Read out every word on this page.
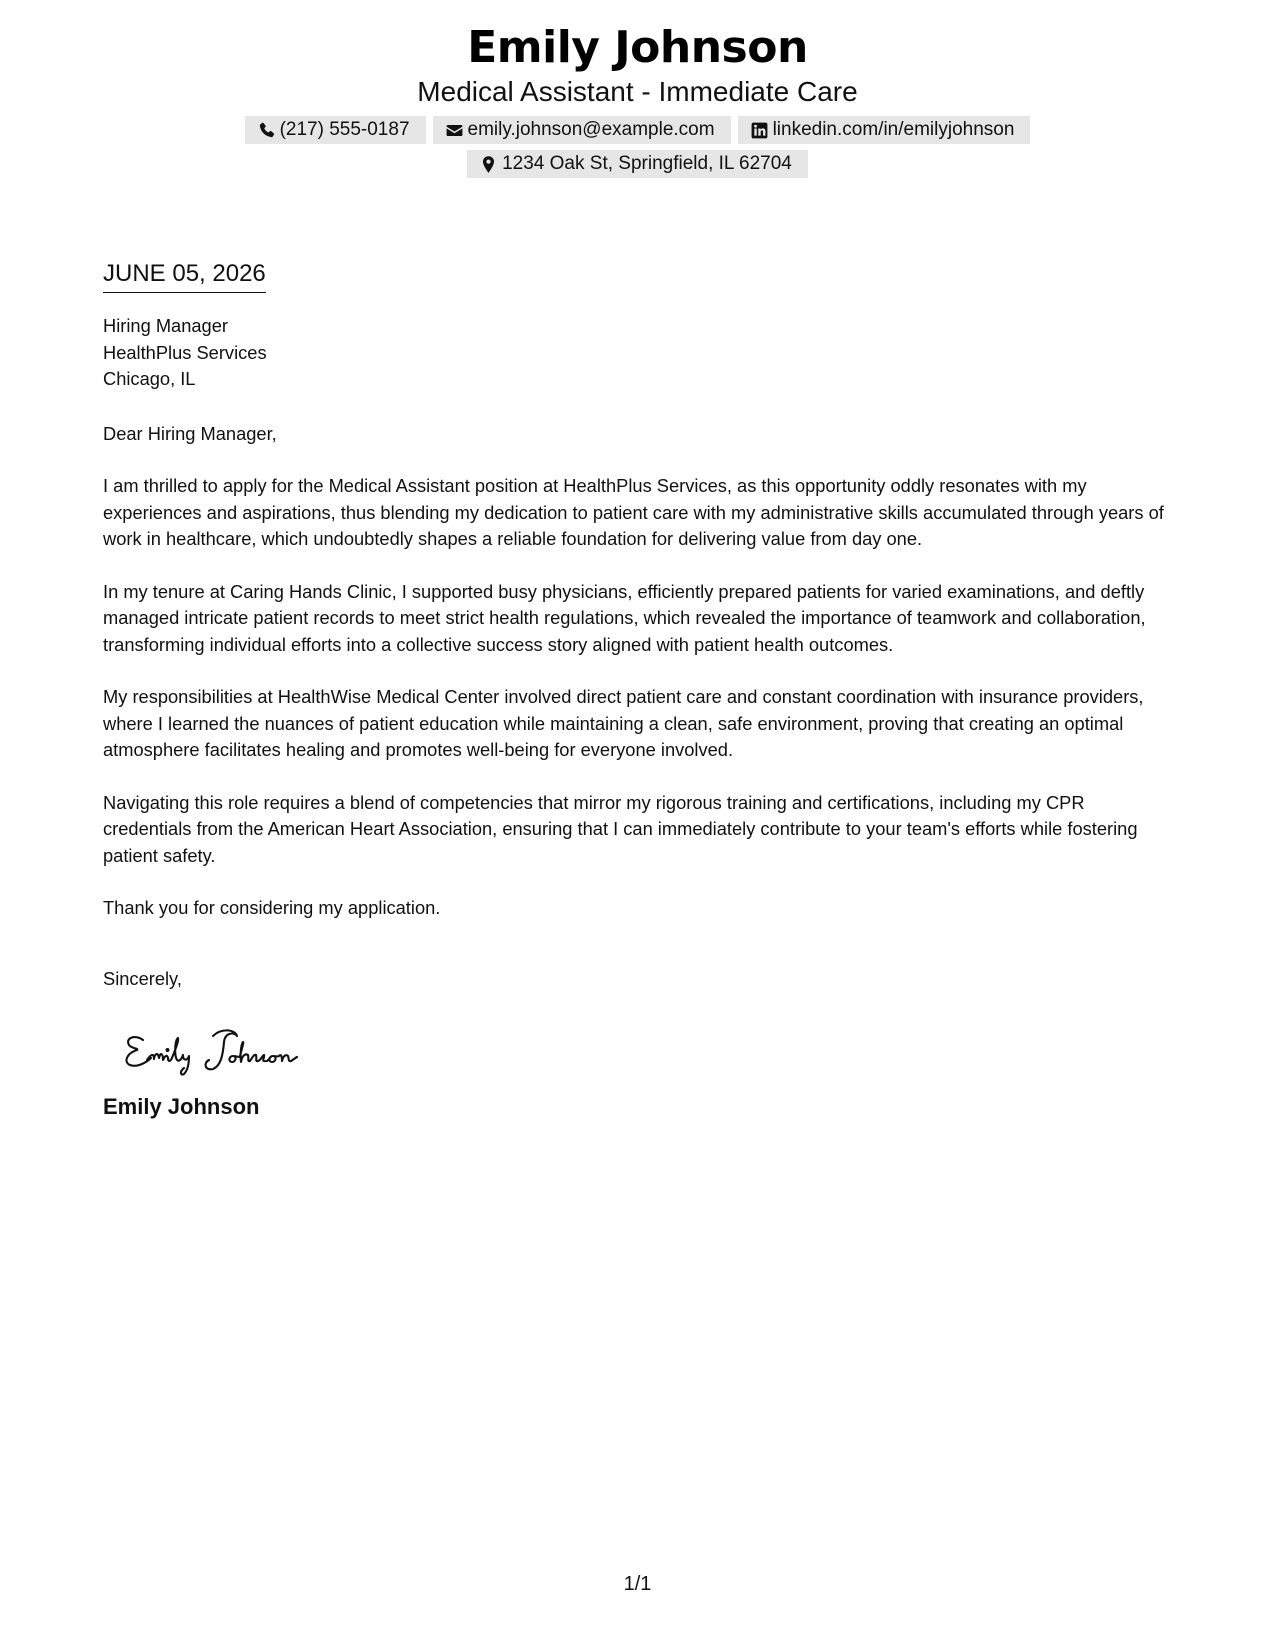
Emily Johnson
Medical Assistant - Immediate Care
(217) 555-0187	emily.johnson@example.com	linkedin.com/in/emilyjohnson
1234 Oak St, Springfield, IL 62704
JUNE 05, 2026
Hiring Manager
HealthPlus Services
Chicago, IL
Dear Hiring Manager,
I am thrilled to apply for the Medical Assistant position at HealthPlus Services, as this opportunity oddly resonates with my experiences and aspirations, thus blending my dedication to patient care with my administrative skills accumulated through years of work in healthcare, which undoubtedly shapes a reliable foundation for delivering value from day one.
In my tenure at Caring Hands Clinic, I supported busy physicians, efficiently prepared patients for varied examinations, and deftly managed intricate patient records to meet strict health regulations, which revealed the importance of teamwork and collaboration, transforming individual efforts into a collective success story aligned with patient health outcomes.
My responsibilities at HealthWise Medical Center involved direct patient care and constant coordination with insurance providers, where I learned the nuances of patient education while maintaining a clean, safe environment, proving that creating an optimal atmosphere facilitates healing and promotes well-being for everyone involved.
Navigating this role requires a blend of competencies that mirror my rigorous training and certifications, including my CPR credentials from the American Heart Association, ensuring that I can immediately contribute to your team's efforts while fostering patient safety.
Thank you for considering my application.
Sincerely,
Emily Johnson
1/1
